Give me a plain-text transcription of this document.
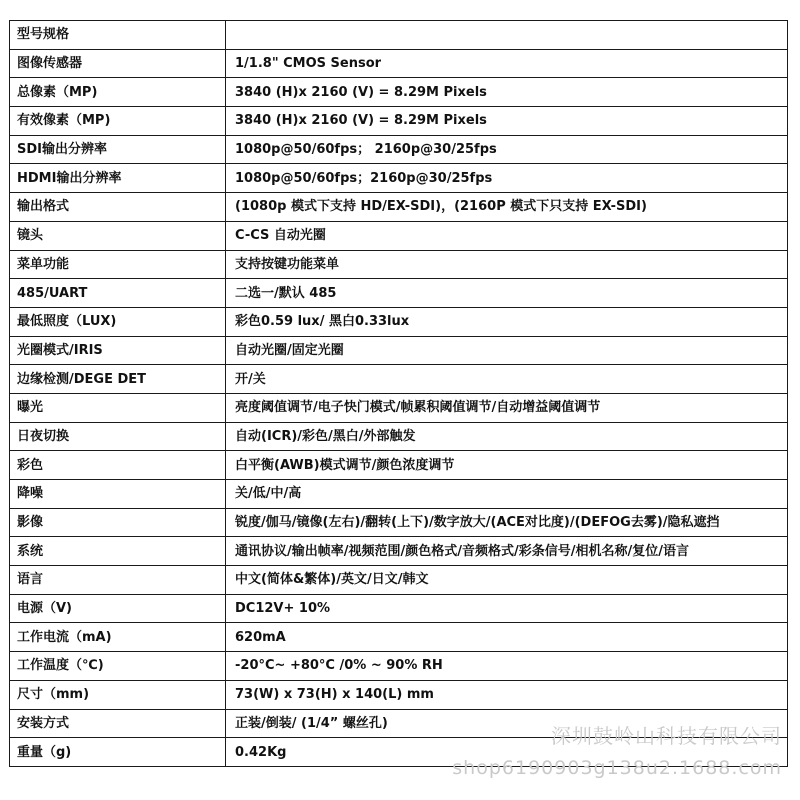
型号规格	
图像传感器	1/1.8" CMOS Sensor
总像素（MP)	3840 (H)x 2160 (V) = 8.29M Pixels
有效像素（MP)	3840 (H)x 2160 (V) = 8.29M Pixels
SDI输出分辨率	1080p@50/60fps； 2160p@30/25fps
HDMI输出分辨率	1080p@50/60fps；2160p@30/25fps
输出格式	(1080p 模式下支持 HD/EX-SDI)，(2160P 模式下只支持 EX-SDI)
镜头	C-CS 自动光圈
菜单功能	支持按键功能菜单
485/UART	二选一/默认 485
最低照度（LUX)	彩色0.59 lux/ 黑白0.33lux
光圈模式/IRIS	自动光圈/固定光圈
边缘检测/DEGE DET	开/关
曝光	亮度阈值调节/电子快门模式/帧累积阈值调节/自动增益阈值调节
日夜切换	自动(ICR)/彩色/黑白/外部触发
彩色	白平衡(AWB)模式调节/颜色浓度调节
降噪	关/低/中/高
影像	锐度/伽马/镜像(左右)/翻转(上下)/数字放大/(ACE对比度)/(DEFOG去雾)/隐私遮挡
系统	通讯协议/输出帧率/视频范围/颜色格式/音频格式/彩条信号/相机名称/复位/语言
语言	中文(简体&繁体)/英文/日文/韩文
电源（V)	DC12V+ 10%
工作电流（mA)	620mA
工作温度（℃)	-20°C~ +80°C /0% ~ 90% RH
尺寸（mm)	73(W) x 73(H) x 140(L) mm
安装方式	正装/倒装/ (1/4” 螺丝孔)
重量（g)	0.42Kg
深圳鼓岭山科技有限公司
shop6190903g138u2.1688.com
